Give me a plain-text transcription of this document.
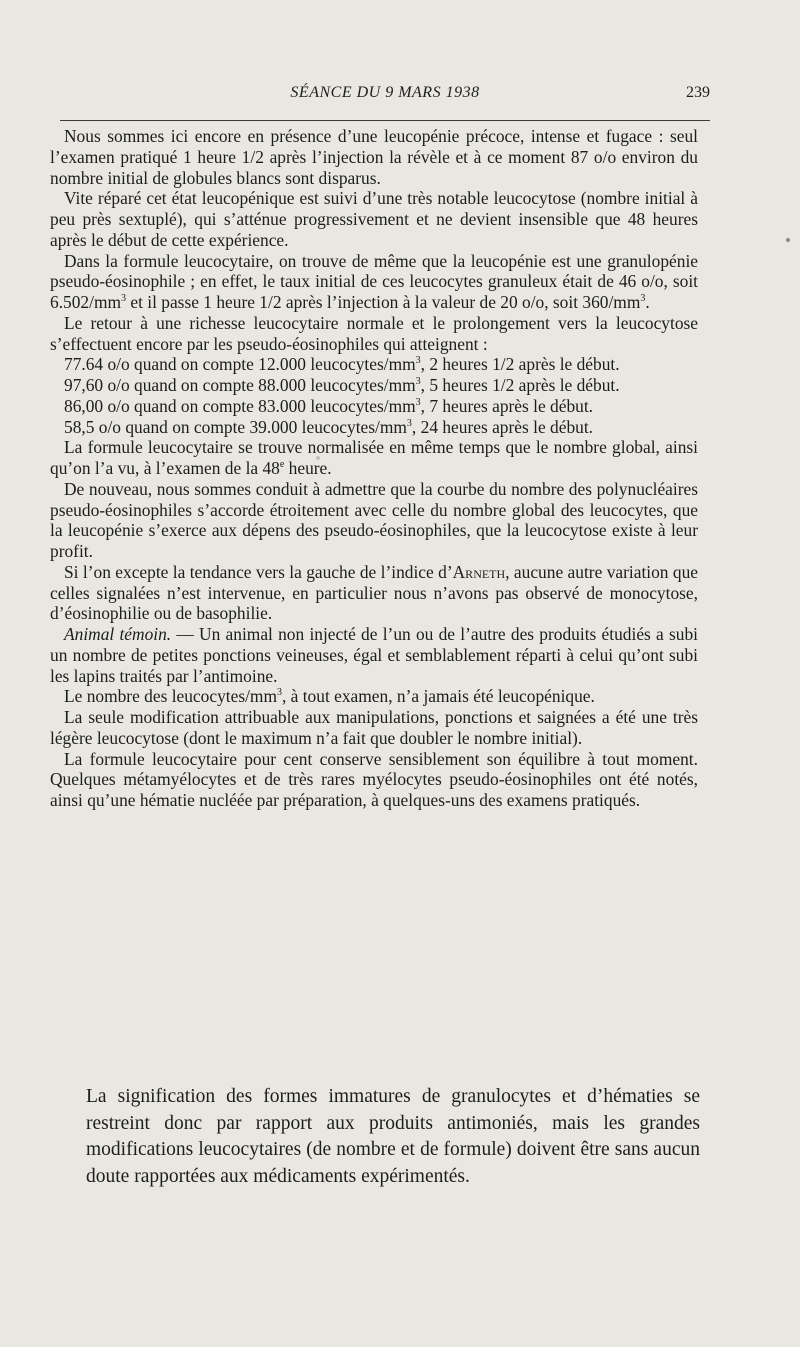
SÉANCE DU 9 MARS 1938	239

Nous sommes ici encore en présence d’une leucopénie précoce, intense et fugace : seul l’examen pratiqué 1 heure 1/2 après l’injection la révèle et à ce moment 87 o/o environ du nombre initial de globules blancs sont disparus.

Vite réparé cet état leucopénique est suivi d’une très notable leucocytose (nombre initial à peu près sextuplé), qui s’atténue progressivement et ne devient insensible que 48 heures après le début de cette expérience.

Dans la formule leucocytaire, on trouve de même que la leucopénie est une granulopénie pseudo-éosinophile ; en effet, le taux initial de ces leucocytes granuleux était de 46 o/o, soit $6.502/mm^3$ et il passe 1 heure 1/2 après l’injection à la valeur de 20 o/o, soit $360/mm^3$.

Le retour à une richesse leucocytaire normale et le prolongement vers la leucocytose s’effectuent encore par les pseudo-éosinophiles qui atteignent :

77.64 o/o quand on compte 12.000 leucocytes/$mm^3$, 2 heures 1/2 après le début.

97,60 o/o quand on compte 88.000 leucocytes/$mm^3$, 5 heures 1/2 après le début.

86,00 o/o quand on compte 83.000 leucocytes/$mm^3$, 7 heures après le début.

58,5 o/o quand on compte 39.000 leucocytes/$mm^3$, 24 heures après le début.

La formule leucocytaire se trouve normalisée en même temps que le nombre global, ainsi qu’on l’a vu, à l’examen de la 48e heure.

De nouveau, nous sommes conduit à admettre que la courbe du nombre des polynucléaires pseudo-éosinophiles s’accorde étroitement avec celle du nombre global des leucocytes, que la leucopénie s’exerce aux dépens des pseudo-éosinophiles, que la leucocytose existe à leur profit.

Si l’on excepte la tendance vers la gauche de l’indice d’Arneth, aucune autre variation que celles signalées n’est intervenue, en particulier nous n’avons pas observé de monocytose, d’éosinophilie ou de basophilie.

Animal témoin. — Un animal non injecté de l’un ou de l’autre des produits étudiés a subi un nombre de petites ponctions veineuses, égal et semblablement réparti à celui qu’ont subi les lapins traités par l’antimoine.

Le nombre des leucocytes/$mm^3$, à tout examen, n’a jamais été leucopénique.

La seule modification attribuable aux manipulations, ponctions et saignées a été une très légère leucocytose (dont le maximum n’a fait que doubler le nombre initial).

La formule leucocytaire pour cent conserve sensiblement son équilibre à tout moment. Quelques métamyélocytes et de très rares myélocytes pseudo-éosinophiles ont été notés, ainsi qu’une hématie nucléée par préparation, à quelques-uns des examens pratiqués.

La signification des formes immatures de granulocytes et d’hématies se restreint donc par rapport aux produits antimoniés, mais les grandes modifications leucocytaires (de nombre et de formule) doivent être sans aucun doute rapportées aux médicaments expérimentés.
